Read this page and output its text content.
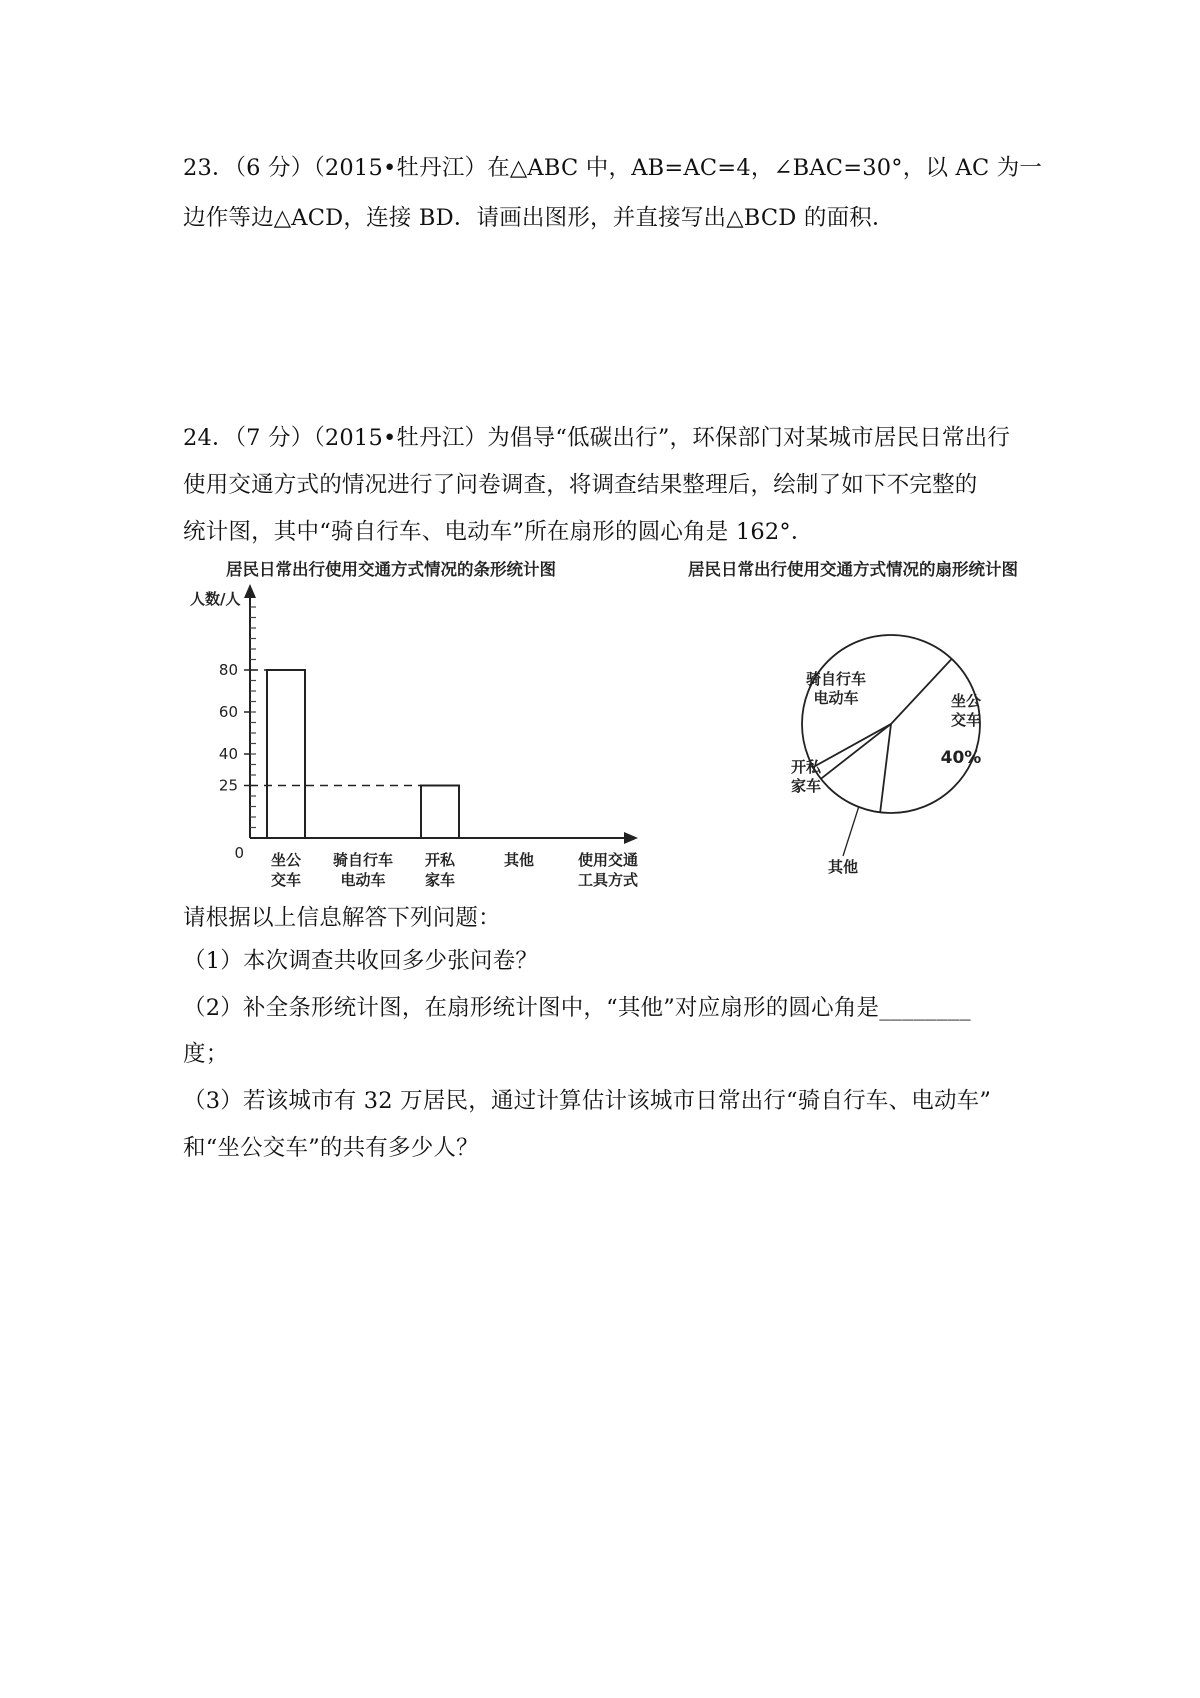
23．（6 分）（2015•牡丹江）在△ABC 中，AB=AC=4，∠BAC=30°，以 AC 为一
边作等边△ACD，连接 BD．请画出图形，并直接写出△BCD 的面积．
24．（7 分）（2015•牡丹江）为倡导“低碳出行”，环保部门对某城市居民日常出行
使用交通方式的情况进行了问卷调查，将调查结果整理后，绘制了如下不完整的
统计图，其中“骑自行车、电动车”所在扇形的圆心角是 162°．
居民日常出行使用交通方式情况的条形统计图	居民日常出行使用交通方式情况的扇形统计图
人数/人
0	使用交通
工具方式
25
40
60
80
坐公
交车
骑自行车
电动车
开私
家车
其他
坐公
交车
40%
开私
家车
其他
骑自行车
电动车
请根据以上信息解答下列问题：
（1）本次调查共收回多少张问卷？
（2）补全条形统计图，在扇形统计图中，“其他”对应扇形的圆心角是________
度；
（3）若该城市有 32 万居民，通过计算估计该城市日常出行“骑自行车、电动车”
和“坐公交车”的共有多少人？
